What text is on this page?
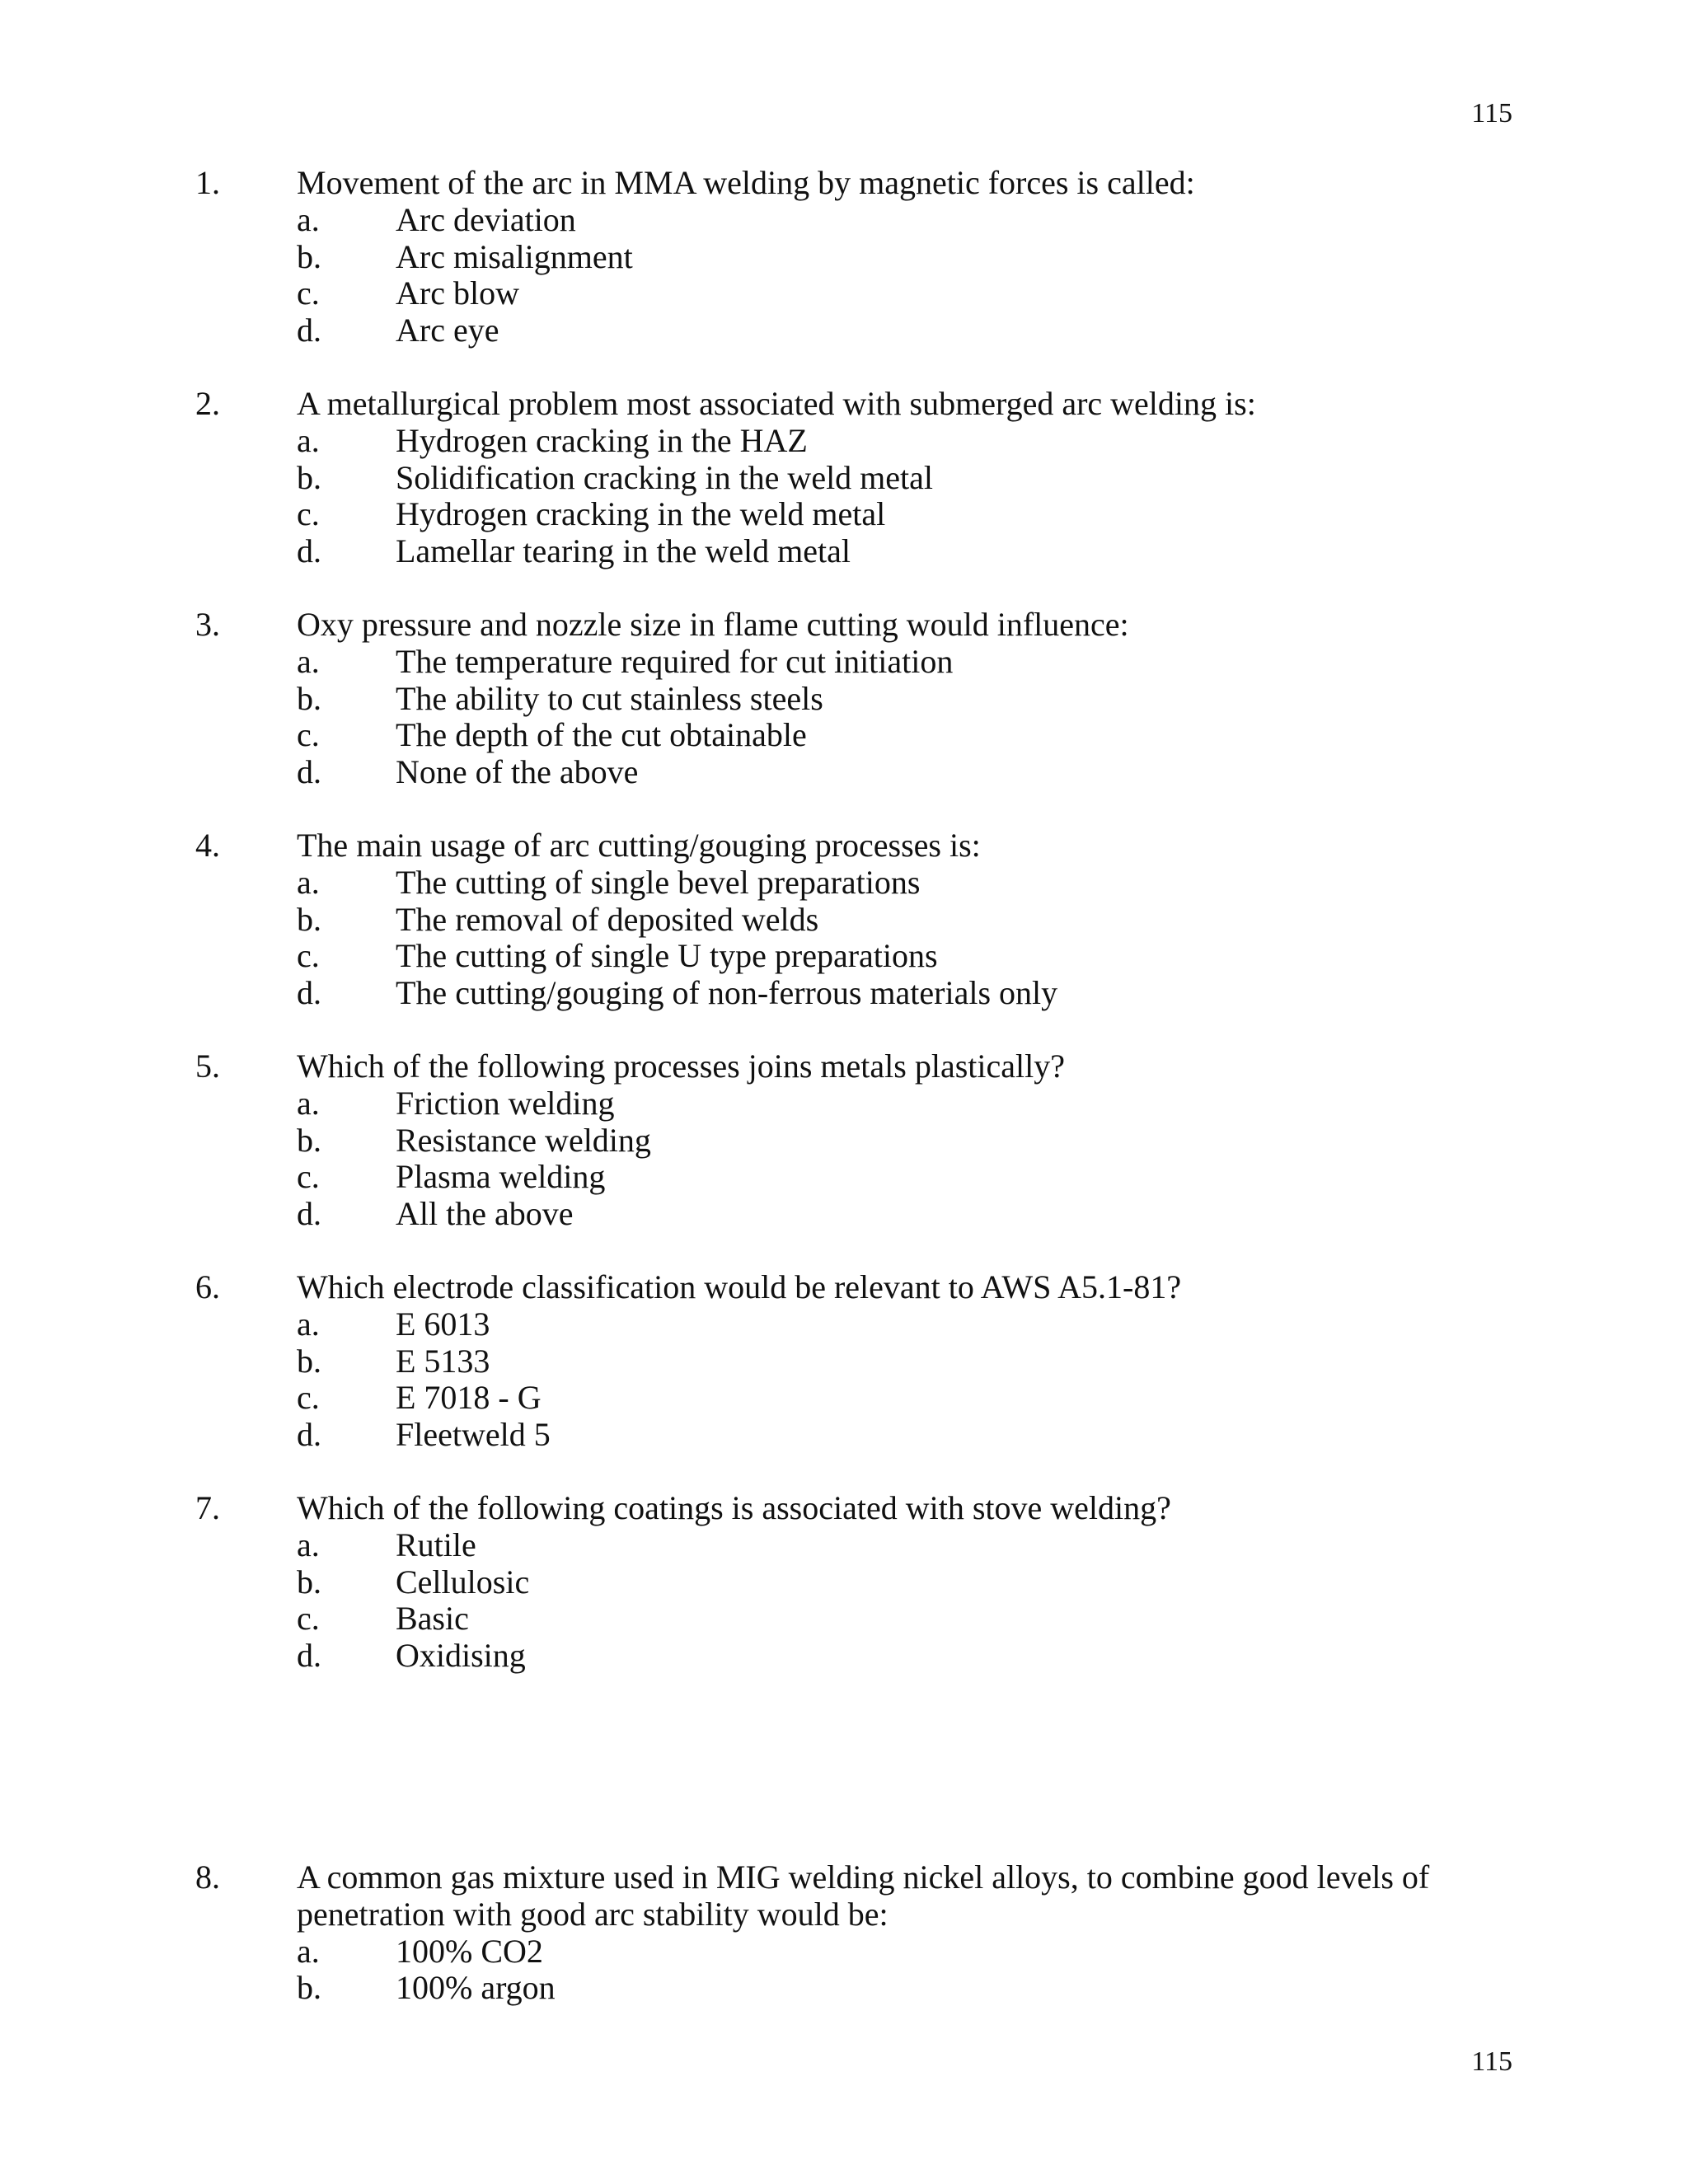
115
1. Movement of the arc in MMA welding by magnetic forces is called:
a. Arc deviation
b. Arc misalignment
c. Arc blow
d. Arc eye
2. A metallurgical problem most associated with submerged arc welding is:
a. Hydrogen cracking in the HAZ
b. Solidification cracking in the weld metal
c. Hydrogen cracking in the weld metal
d. Lamellar tearing in the weld metal
3. Oxy pressure and nozzle size in flame cutting would influence:
a. The temperature required for cut initiation
b. The ability to cut stainless steels
c. The depth of the cut obtainable
d. None of the above
4. The main usage of arc cutting/gouging processes is:
a. The cutting of single bevel preparations
b. The removal of deposited welds
c. The cutting of single U type preparations
d. The cutting/gouging of non-ferrous materials only
5. Which of the following processes joins metals plastically?
a. Friction welding
b. Resistance welding
c. Plasma welding
d. All the above
6. Which electrode classification would be relevant to AWS A5.1-81?
a. E 6013
b. E 5133
c. E 7018 - G
d. Fleetweld 5
7. Which of the following coatings is associated with stove welding?
a. Rutile
b. Cellulosic
c. Basic
d. Oxidising
8. A common gas mixture used in MIG welding nickel alloys, to combine good levels of
penetration with good arc stability would be:
a. 100% CO2
b. 100% argon
115
